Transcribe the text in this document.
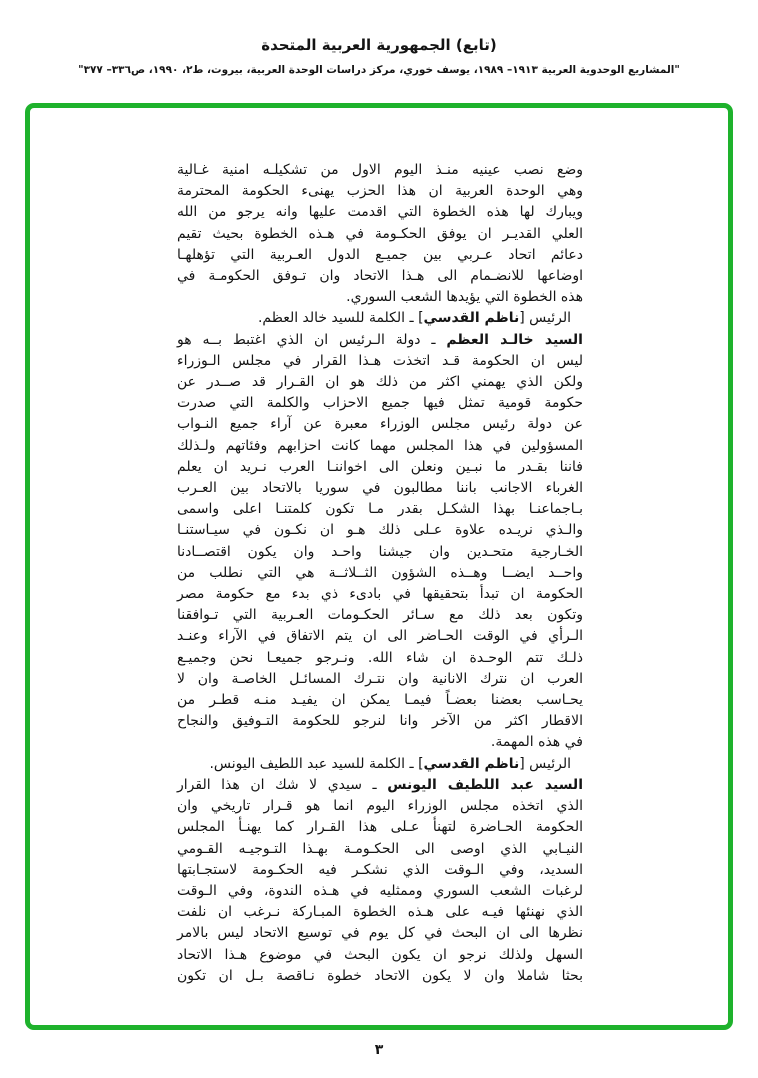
(تابع) الجمهورية العربية المتحدة
"المشاريع الوحدوية العربية ١٩١٣– ١٩٨٩، يوسف خوري، مركز دراسات الوحدة العربية، بيروت، ط٢، ١٩٩٠، ص٣٣٦– ٣٧٧"
وضع نصب عينيه منـذ اليوم الاول من تشكيلـه امنية غـالية
وهي الوحدة العربية ان هذا الحزب يهنىء الحكومة المحترمة
ويبارك لها هذه الخطوة التي اقدمت عليها وانه يرجو من الله
العلي القديـر ان يوفق الحكـومة في هـذه الخطوة بحيث تقيم
دعائم اتحاد عـربي بين جميـع الدول العـربية التي تؤهلهـا
اوضاعها للانضـمام الى هـذا الاتحاد وان تـوفق الحكومـة في
هذه الخطوة التي يؤيدها الشعب السوري.
الرئيس [ناظم القدسي] ـ الكلمة للسيد خالد العظم.
السيد خالـد العظم ـ دولة الـرئيس ان الذي اغتبط بــه هو
ليس ان الحكومة قـد اتخذت هـذا القرار في مجلس الـوزراء
ولكن الذي يهمني اكثر من ذلك هو ان القـرار قد صــدر عن
حكومة قومية تمثل فيها جميع الاحزاب والكلمة التي صدرت
عن دولة رئيس مجلس الوزراء معبرة عن آراء جميع النـواب
المسؤولين في هذا المجلس مهما كانت احزابهم وفئاتهم ولـذلك
فاننا بقـدر ما نبـين ونعلن الى اخواننـا العرب نـريد ان يعلم
الغرباء الاجانب باننا مطالبون في سوريا بالاتحاد بين العـرب
بـاجماعنـا بهذا الشكـل بقدر مـا تكون كلمتنـا اعلى واسمى
والـذي نريـده علاوة عـلى ذلك هـو ان نكـون في سيـاستنـا
الخـارجية متحـدين وان جيشنا واحـد وان يكون اقتصــادنا
واحــد ايضــا وهــذه الشؤون الثــلاثــة هي التي نطلب من
الحكومة ان تبدأ بتحقيقها في بادىء ذي بدء مع حكومة مصر
وتكون بعد ذلك مع سـائر الحكـومات العـربية التي تـوافقنا
الـرأي في الوقت الحـاضر الى ان يتم الاتفاق في الآراء وعنـد
ذلـك تتم الوحـدة ان شاء الله. ونـرجو جميعـا نحن وجميـع
العرب ان نترك الانانية وان نتـرك المسائـل الخاصـة وان لا
يحـاسب بعضنا بعضـاً فيمـا يمكن ان يفيـد منـه قطـر من
الاقطار اكثر من الآخر وانا لنرجو للحكومة التـوفيق والنجاح
في هذه المهمة.
الرئيس [ناظم القدسي] ـ الكلمة للسيد عبد اللطيف اليونس.
السيد عبد اللطيف اليونس ـ سيدي لا شك ان هذا القرار
الذي اتخذه مجلس الوزراء اليوم انما هو قـرار تاريخي وان
الحكومة الحـاضرة لتهنأ عـلى هذا القـرار كما يهنـأ المجلس
النيـابي الذي اوصى الى الحكـومـة بهـذا التـوجيـه القـومي
السديد، وفي الـوقت الذي نشكـر فيه الحكـومة لاستجـابتها
لرغبات الشعب السوري وممثليه في هـذه الندوة، وفي الـوقت
الذي نهنئها فيـه على هـذه الخطوة المبـاركة نـرغب ان نلفت
نظرها الى ان البحث في كل يوم في توسيع الاتحاد ليس بالامر
السهل ولذلك نرجو ان يكون البحث في موضوع هـذا الاتحاد
بحثا شاملا وان لا يكون الاتحاد خطوة نـاقصة بـل ان تكون
٣
